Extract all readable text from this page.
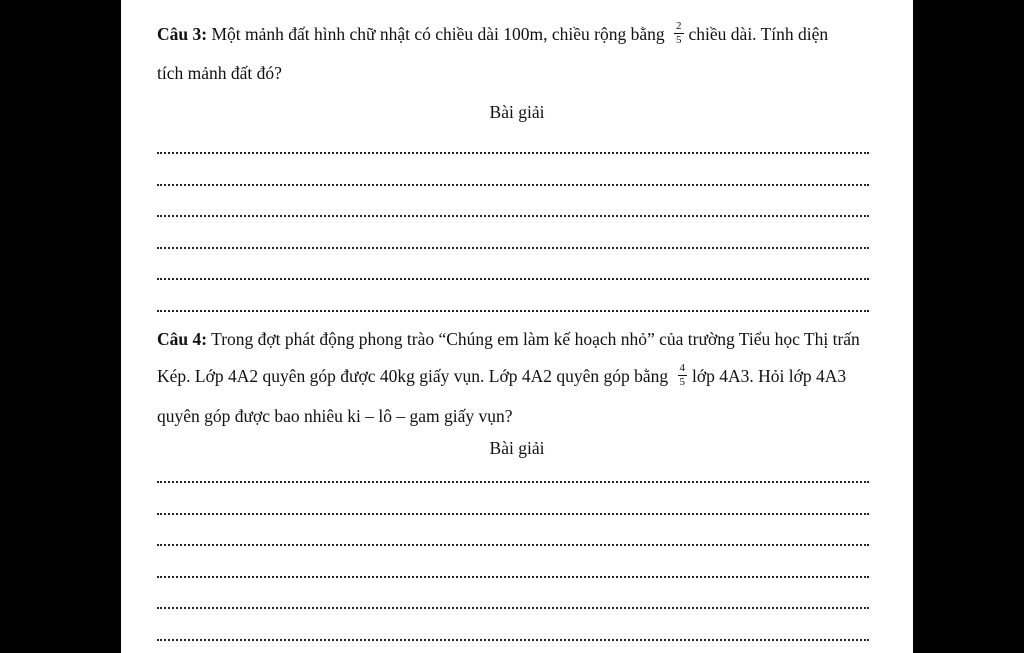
Câu 3: Một mảnh đất hình chữ nhật có chiều dài 100m, chiều rộng bằng $\frac{2}{5}$ chiều dài. Tính diện
tích mảnh đất đó?
Bài giải
Câu 4: Trong đợt phát động phong trào “Chúng em làm kế hoạch nhỏ” của trường Tiểu học Thị trấn
Kép. Lớp 4A2 quyên góp được 40kg giấy vụn. Lớp 4A2 quyên góp bằng $\frac{4}{5}$ lớp 4A3. Hỏi lớp 4A3
quyên góp được bao nhiêu ki – lô – gam giấy vụn?
Bài giải
